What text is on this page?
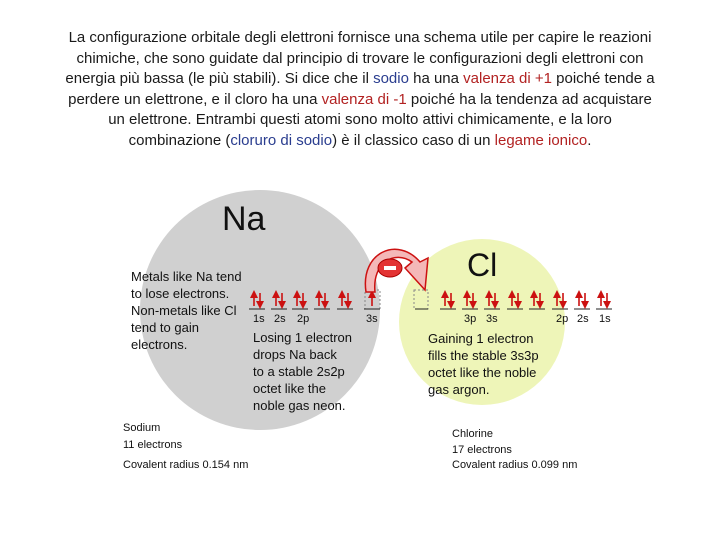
La configurazione orbitale degli elettroni fornisce una schema utile per capire le reazioni chimiche, che sono guidate dal principio di trovare le configurazioni degli elettroni con energia più bassa (le più stabili). Si dice che il sodio ha una valenza di +1 poiché tende a perdere un elettrone, e il cloro ha una valenza di -1 poiché ha la tendenza ad acquistare un elettrone. Entrambi questi atomi sono molto attivi chimicamente, e la loro combinazione (cloruro di sodio) è il classico caso di un legame ionico.

Na
Cl
Metals like Na tend
to lose electrons.
Non-metals like Cl
tend to gain
electrons.
1s 2s 2p	3s
Losing 1 electron
drops Na back
to a stable 2s2p
octet like the
noble gas neon.
3p 3s	2p 2s 1s
Gaining 1 electron
fills the stable 3s3p
octet like the noble
gas argon.
Sodium
11 electrons
Covalent radius 0.154 nm
Chlorine
17 electrons
Covalent radius 0.099 nm
